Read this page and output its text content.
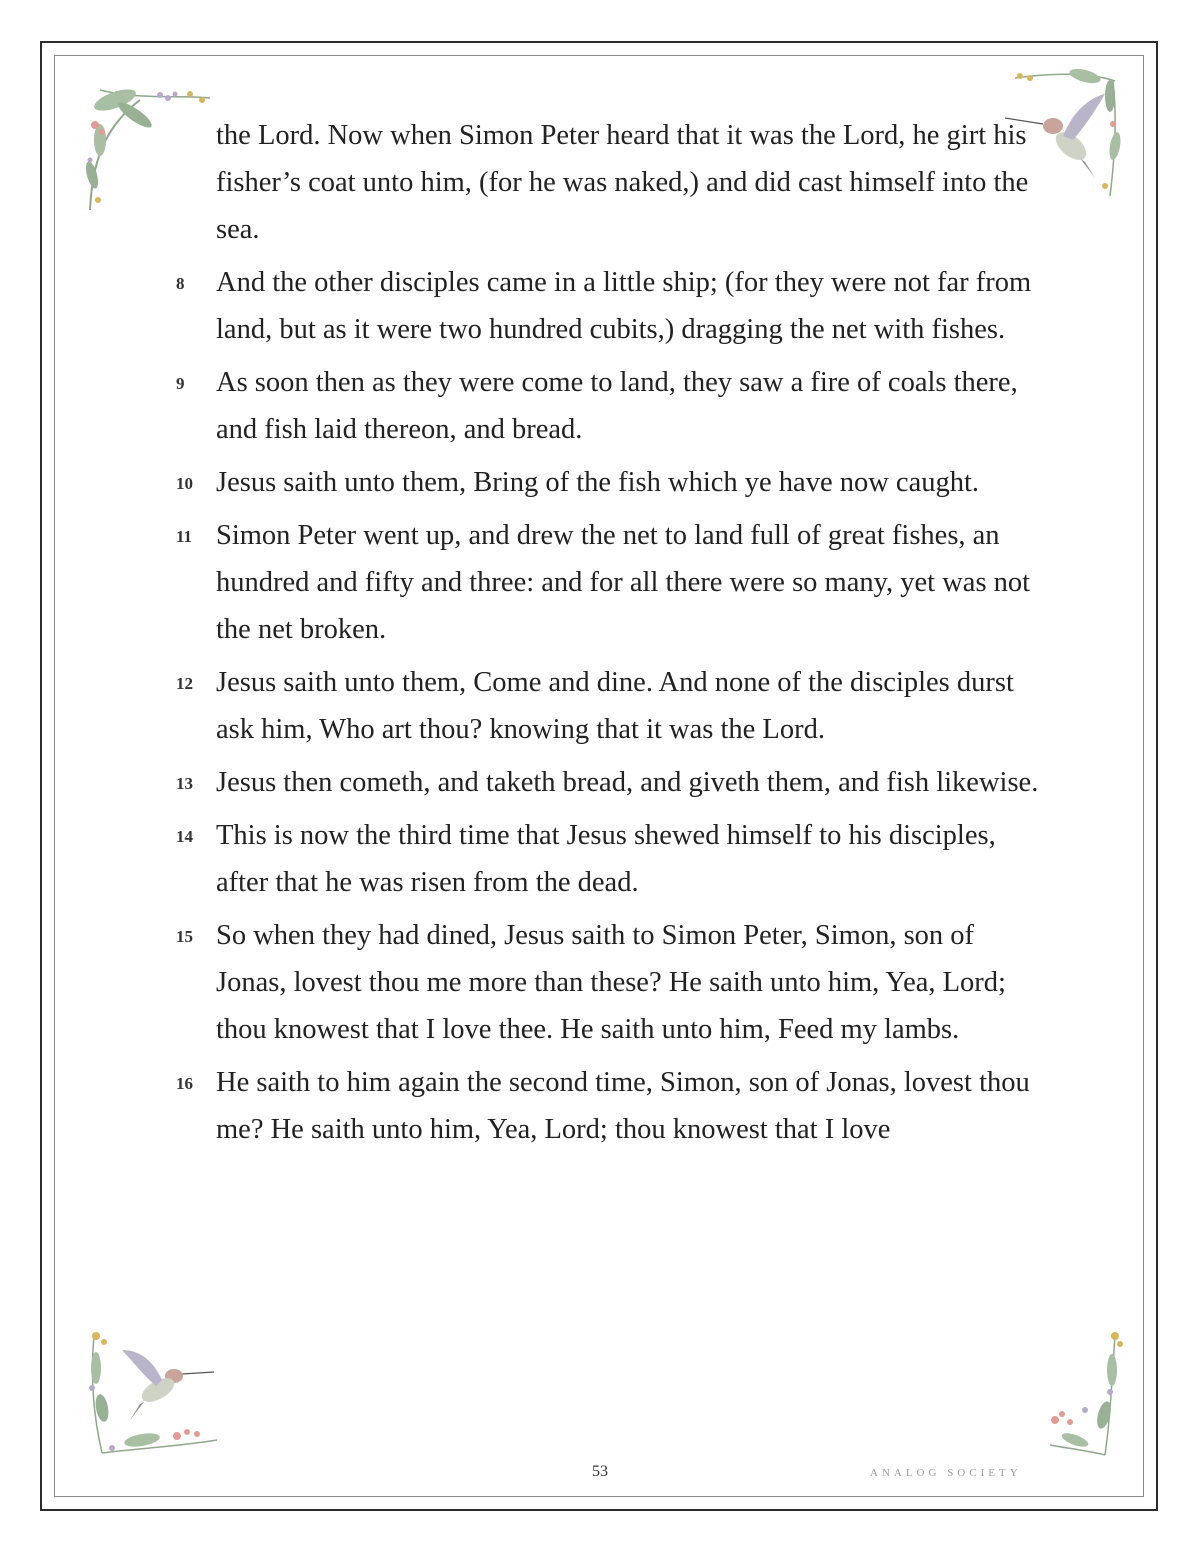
the Lord. Now when Simon Peter heard that it was the Lord, he girt his fisher’s coat unto him, (for he was naked,) and did cast himself into the sea.

8 And the other disciples came in a little ship; (for they were not far from land, but as it were two hundred cubits,) dragging the net with fishes.
9 As soon then as they were come to land, they saw a fire of coals there, and fish laid thereon, and bread.
10 Jesus saith unto them, Bring of the fish which ye have now caught.
11 Simon Peter went up, and drew the net to land full of great fishes, an hundred and fifty and three: and for all there were so many, yet was not the net broken.
12 Jesus saith unto them, Come and dine. And none of the disciples durst ask him, Who art thou? knowing that it was the Lord.
13 Jesus then cometh, and taketh bread, and giveth them, and fish likewise.
14 This is now the third time that Jesus shewed himself to his disciples, after that he was risen from the dead.
15 So when they had dined, Jesus saith to Simon Peter, Simon, son of Jonas, lovest thou me more than these? He saith unto him, Yea, Lord; thou knowest that I love thee. He saith unto him, Feed my lambs.
16 He saith to him again the second time, Simon, son of Jonas, lovest thou me? He saith unto him, Yea, Lord; thou knowest that I love
53	ANALOG SOCIETY
